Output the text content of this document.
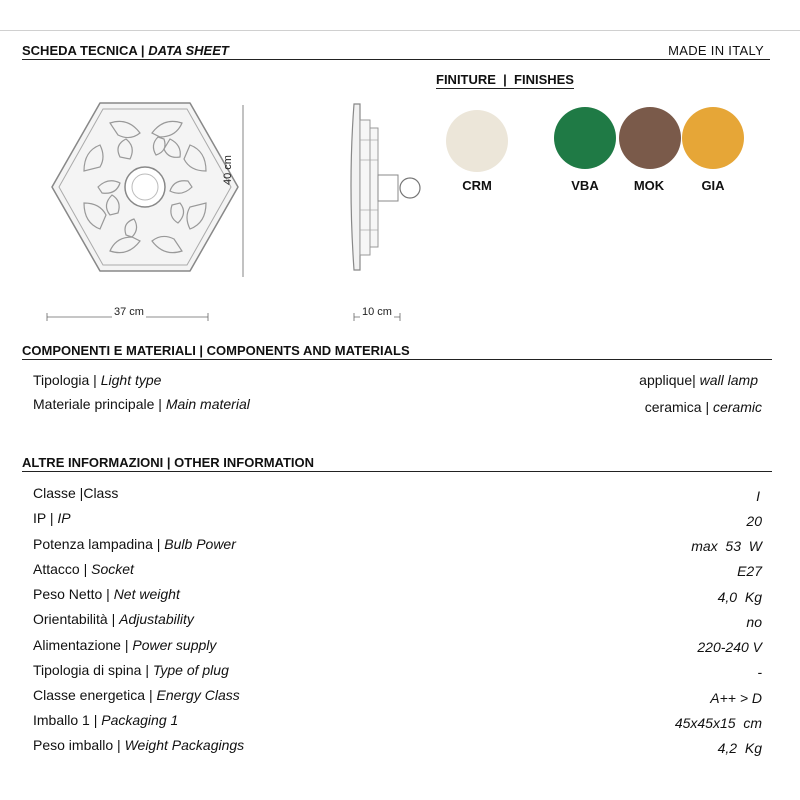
SCHEDA TECNICA | DATA SHEET	MADE IN ITALY
40 cm
37 cm	10 cm
FINITURE  |  FINISHES
CRM	VBA	MOK	GIA
COMPONENTI E MATERIALI | COMPONENTS AND MATERIALS
Tipologia | Light type	applique| wall lamp
Materiale principale | Main material	ceramica | ceramic
ALTRE INFORMAZIONI | OTHER INFORMATION
Classe |Class	I
IP | IP	20
Potenza lampadina | Bulb Power	max  53  W
Attacco | Socket	E27
Peso Netto | Net weight	4,0  Kg
Orientabilità | Adjustability	no
Alimentazione | Power supply	220-240 V
Tipologia di spina | Type of plug	-
Classe energetica | Energy Class	A++ > D
Imballo 1 | Packaging 1	45x45x15  cm
Peso imballo | Weight Packagings	4,2  Kg
